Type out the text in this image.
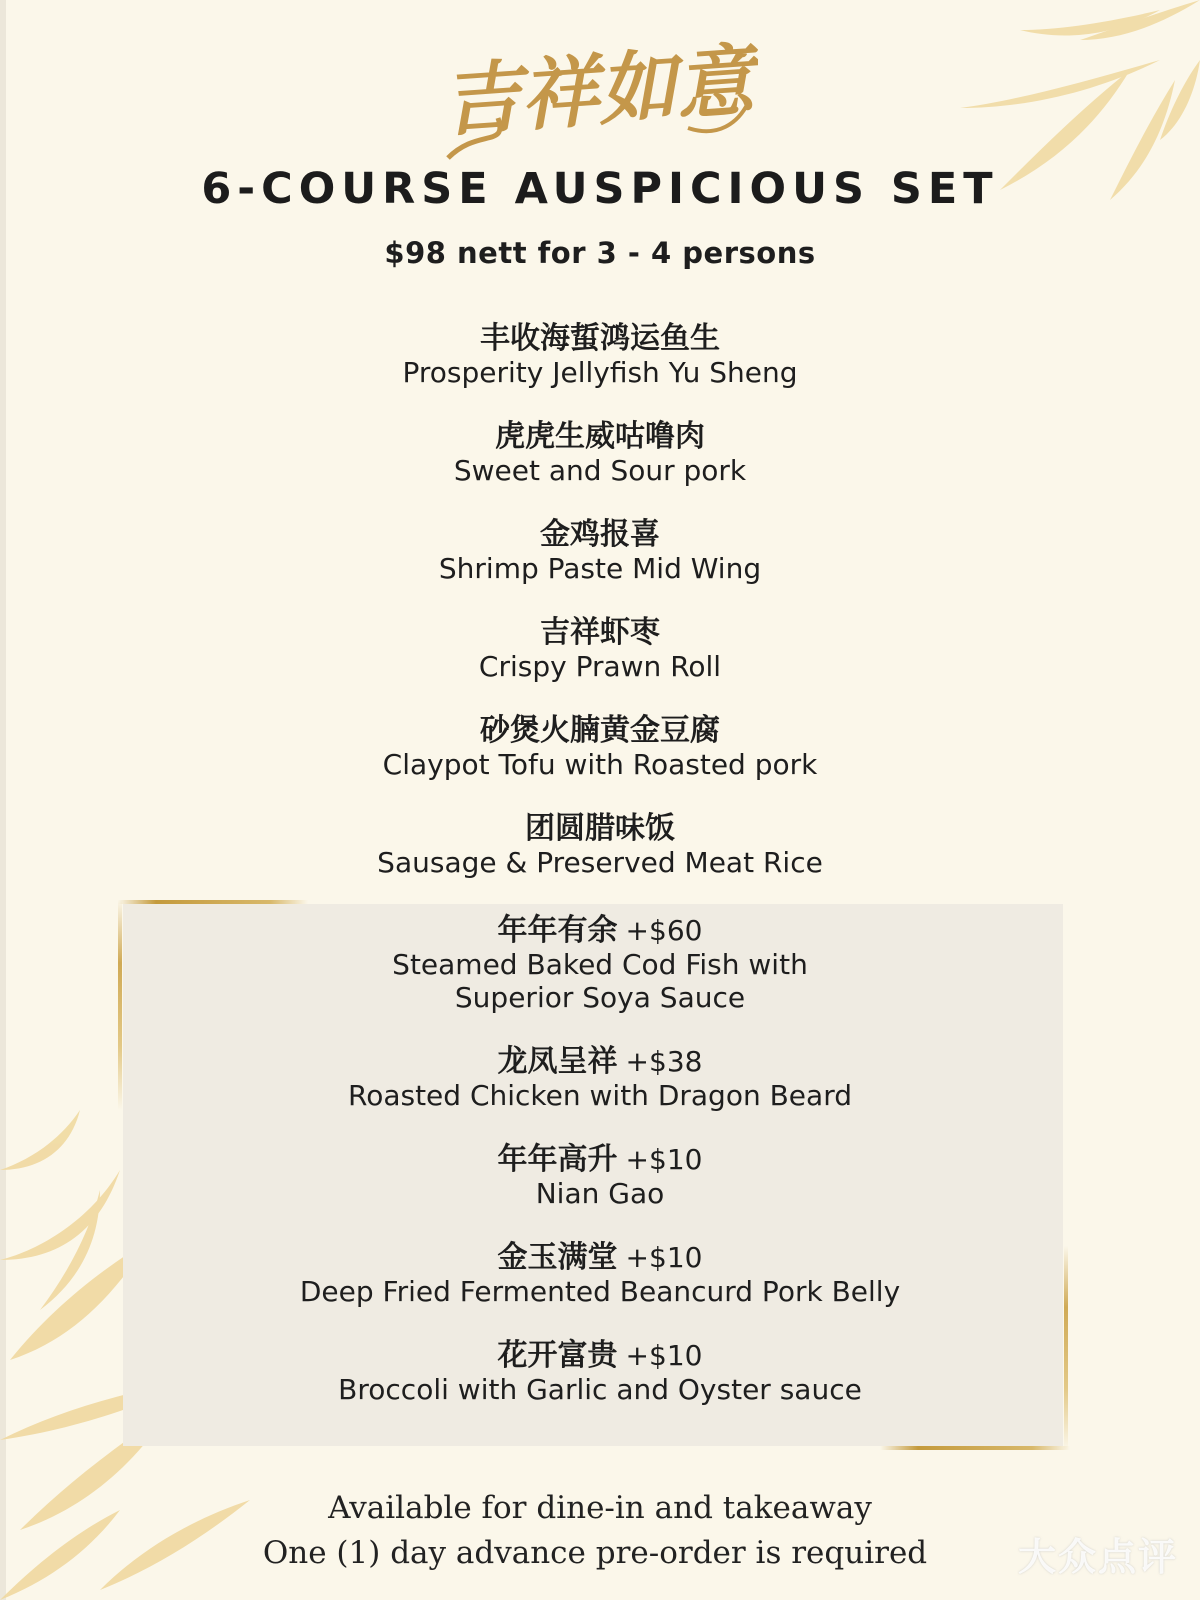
吉祥如意
6-COURSE AUSPICIOUS SET
$98 nett for 3 - 4 persons
丰收海蜇鸿运鱼生
Prosperity Jellyfish Yu Sheng
虎虎生威咕噜肉
Sweet and Sour pork
金鸡报喜
Shrimp Paste Mid Wing
吉祥虾枣
Crispy Prawn Roll
砂煲火腩黄金豆腐
Claypot Tofu with Roasted pork
团圆腊味饭
Sausage & Preserved Meat Rice
年年有余 +$60
Steamed Baked Cod Fish with
Superior Soya Sauce
龙凤呈祥 +$38
Roasted Chicken with Dragon Beard
年年高升 +$10
Nian Gao
金玉满堂 +$10
Deep Fried Fermented Beancurd Pork Belly
花开富贵 +$10
Broccoli with Garlic and Oyster sauce
Available for dine-in and takeaway
One (1) day advance pre-order is required	大众点评
